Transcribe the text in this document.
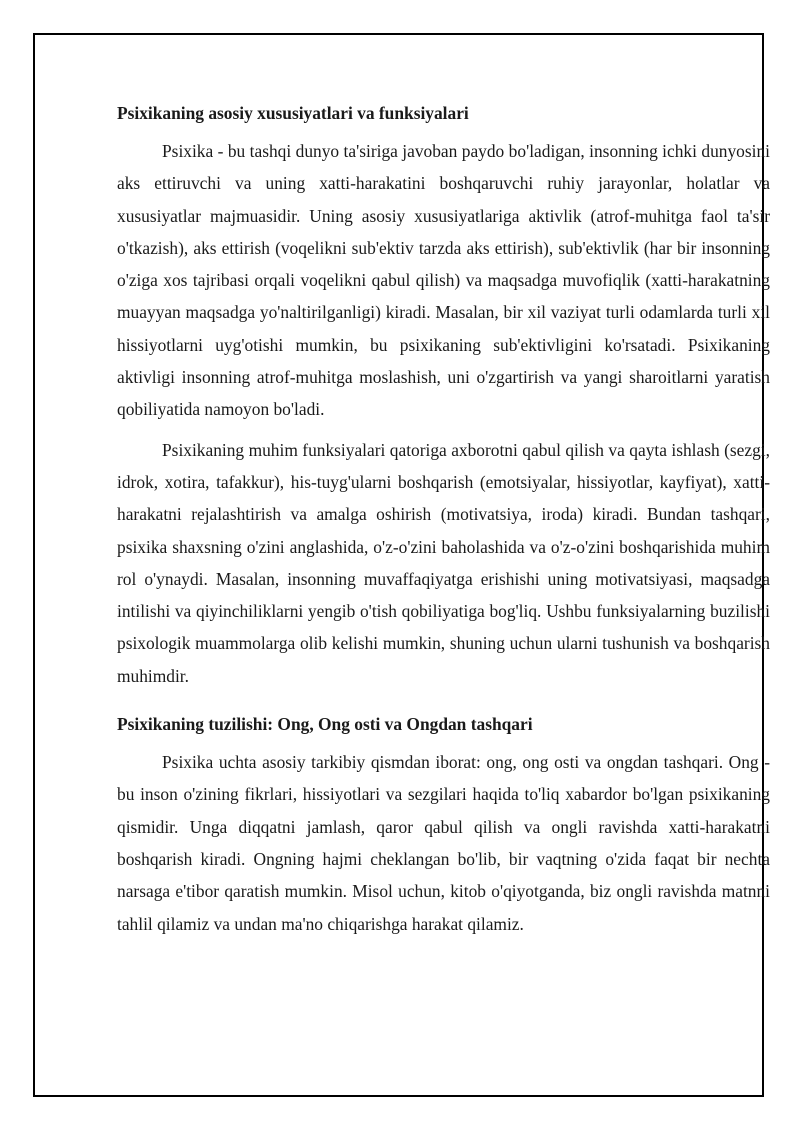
Psixikaning asosiy xususiyatlari va funksiyalari

Psixika - bu tashqi dunyo ta'siriga javoban paydo bo'ladigan, insonning ichki dunyosini aks ettiruvchi va uning xatti-harakatini boshqaruvchi ruhiy jarayonlar, holatlar va xususiyatlar majmuasidir. Uning asosiy xususiyatlariga aktivlik (atrof-muhitga faol ta'sir o'tkazish), aks ettirish (voqelikni sub'ektiv tarzda aks ettirish), sub'ektivlik (har bir insonning o'ziga xos tajribasi orqali voqelikni qabul qilish) va maqsadga muvofiqlik (xatti-harakatning muayyan maqsadga yo'naltirilganligi) kiradi. Masalan, bir xil vaziyat turli odamlarda turli xil hissiyotlarni uyg'otishi mumkin, bu psixikaning sub'ektivligini ko'rsatadi. Psixikaning aktivligi insonning atrof-muhitga moslashish, uni o'zgartirish va yangi sharoitlarni yaratish qobiliyatida namoyon bo'ladi.

Psixikaning muhim funksiyalari qatoriga axborotni qabul qilish va qayta ishlash (sezgi, idrok, xotira, tafakkur), his-tuyg'ularni boshqarish (emotsiyalar, hissiyotlar, kayfiyat), xatti-harakatni rejalashtirish va amalga oshirish (motivatsiya, iroda) kiradi. Bundan tashqari, psixika shaxsning o'zini anglashida, o'z-o'zini baholashida va o'z-o'zini boshqarishida muhim rol o'ynaydi. Masalan, insonning muvaffaqiyatga erishishi uning motivatsiyasi, maqsadga intilishi va qiyinchiliklarni yengib o'tish qobiliyatiga bog'liq. Ushbu funksiyalarning buzilishi psixologik muammolarga olib kelishi mumkin, shuning uchun ularni tushunish va boshqarish muhimdir.

Psixikaning tuzilishi: Ong, Ong osti va Ongdan tashqari

Psixika uchta asosiy tarkibiy qismdan iborat: ong, ong osti va ongdan tashqari. Ong - bu inson o'zining fikrlari, hissiyotlari va sezgilari haqida to'liq xabardor bo'lgan psixikaning qismidir. Unga diqqatni jamlash, qaror qabul qilish va ongli ravishda xatti-harakatni boshqarish kiradi. Ongning hajmi cheklangan bo'lib, bir vaqtning o'zida faqat bir nechta narsaga e'tibor qaratish mumkin. Misol uchun, kitob o'qiyotganda, biz ongli ravishda matnni tahlil qilamiz va undan ma'no chiqarishga harakat qilamiz.
